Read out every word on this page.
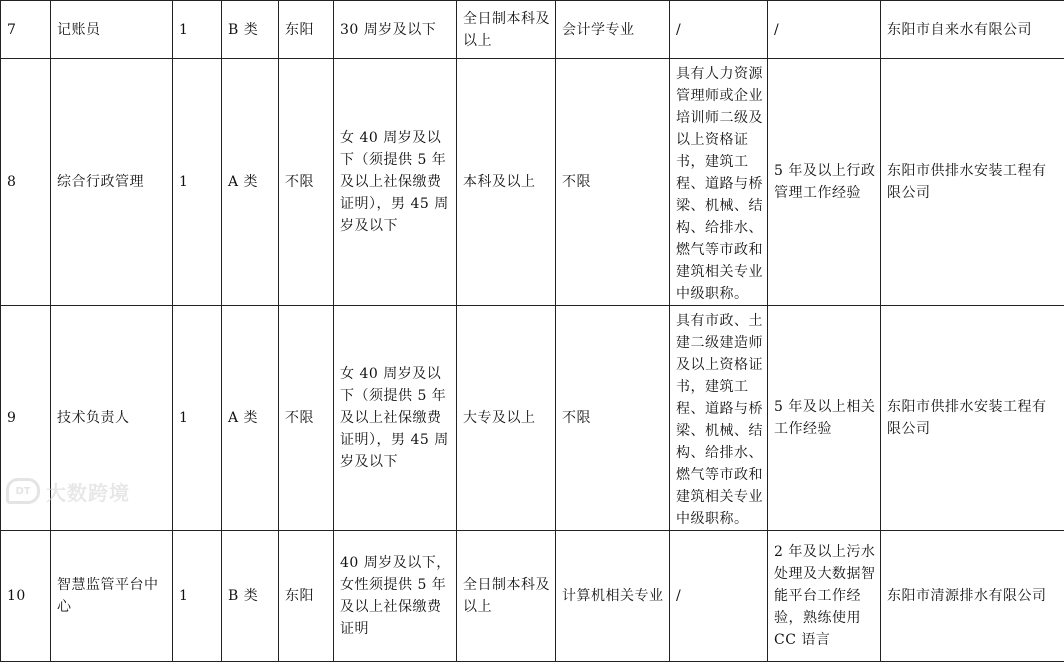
7	记账员	1	B 类	东阳	30 周岁及以下	全日制本科及以上	会计学专业	/	/	东阳市自来水有限公司
8	综合行政管理	1	A 类	不限	女 40 周岁及以下（须提供 5 年及以上社保缴费证明），男 45 周岁及以下	本科及以上	不限	具有人力资源管理师或企业培训师二级及以上资格证书，建筑工程、道路与桥梁、机械、结构、给排水、燃气等市政和建筑相关专业中级职称。	5 年及以上行政管理工作经验	东阳市供排水安装工程有限公司
9	技术负责人	1	A 类	不限	女 40 周岁及以下（须提供 5 年及以上社保缴费证明），男 45 周岁及以下	大专及以上	不限	具有市政、土建二级建造师及以上资格证书，建筑工程、道路与桥梁、机械、结构、给排水、燃气等市政和建筑相关专业中级职称。	5 年及以上相关工作经验	东阳市供排水安装工程有限公司
10	智慧监管平台中心	1	B 类	东阳	40 周岁及以下，女性须提供 5 年及以上社保缴费证明	全日制本科及以上	计算机相关专业	/	2 年及以上污水处理及大数据智能平台工作经验，熟练使用 CC 语言	东阳市清源排水有限公司
DT 大数跨境
